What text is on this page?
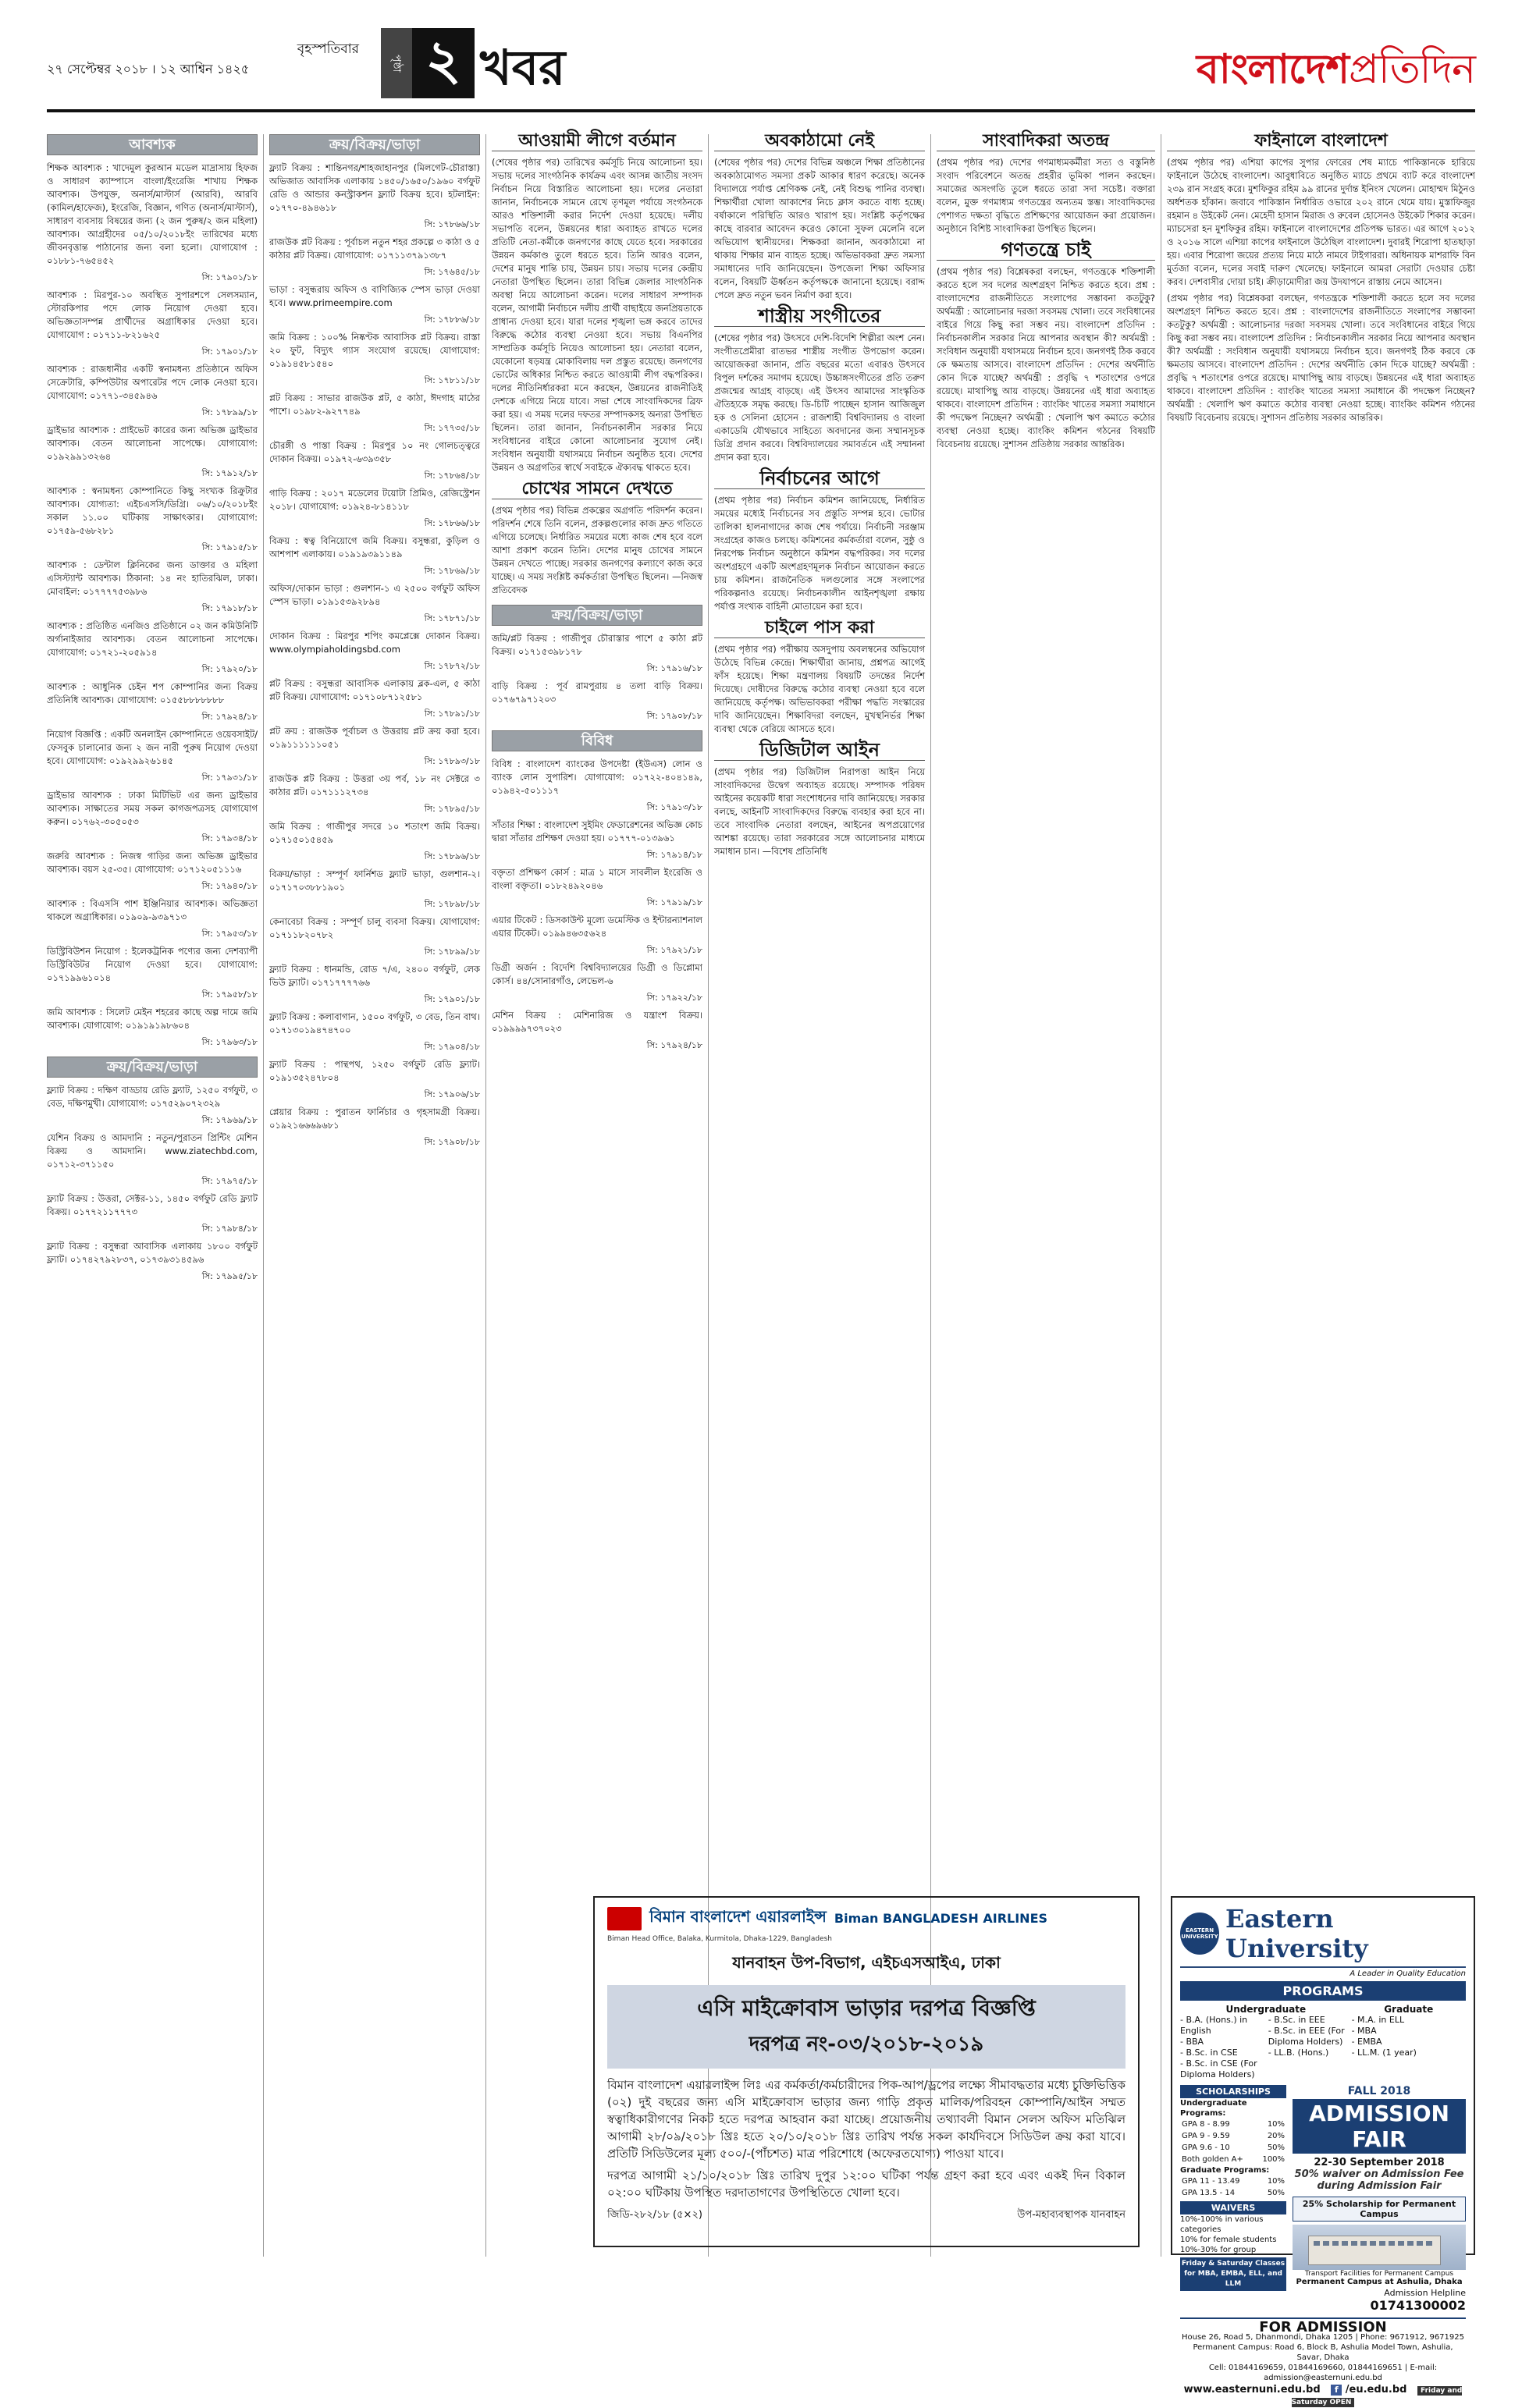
বৃহস্পতিবার
২৭ সেপ্টেম্বর ২০১৮ । ১২ আশ্বিন ১৪২৫	পৃষ্ঠা ২ খবর	বাংলাদেশপ্রতিদিন
আবশ্যক

শিক্ষক আবশ্যক : খাদেমুল কুরআন মডেল মাদ্রাসায় হিফজ ও সাধারণ ক্যাম্পাসে বাংলা/ইংরেজি শাখায় শিক্ষক আবশ্যক। উপযুক্ত, অনার্স/মাস্টার্স (আরবি), আরবি (কামিল/হাফেজ), ইংরেজি, বিজ্ঞান, গণিত (অনার্স/মাস্টার্স), সাধারণ ব্যবসায় বিষয়ের জন্য (২ জন পুরুষ/২ জন মহিলা) আবশ্যক। আগ্রহীদের ০৫/১০/২০১৮ইং তারিখের মধ্যে জীবনবৃত্তান্ত পাঠানোর জন্য বলা হলো। যোগাযোগ : ০১৮৮১-৭৬৫৪৫২

সি: ১৭৯০১/১৮

আবশ্যক : মিরপুর-১০ অবস্থিত সুপারশপে সেলসম্যান, স্টোরকিপার পদে লোক নিয়োগ দেওয়া হবে। অভিজ্ঞতাসম্পন্ন প্রার্থীদের অগ্রাধিকার দেওয়া হবে। যোগাযোগ : ০১৭১১-৮২১৬২৫

সি: ১৭৯০১/১৮

আবশ্যক : রাজধানীর একটি স্বনামধন্য প্রতিষ্ঠানে অফিস সেক্রেটারি, কম্পিউটার অপারেটর পদে লোক নেওয়া হবে। যোগাযোগ: ০১৭৭১-৩৪৫৯৪৬

সি: ১৭৮৯৯/১৮

ড্রাইভার আবশ্যক : প্রাইভেট কারের জন্য অভিজ্ঞ ড্রাইভার আবশ্যক। বেতন আলোচনা সাপেক্ষে। যোগাযোগ: ০১৯২৯৯১৩২৬৪

সি: ১৭৯১২/১৮

আবশ্যক : স্বনামধন্য কোম্পানিতে কিছু সংখ্যক রিক্রুটার আবশ্যক। যোগ্যতা: এইচএসসি/ডিগ্রি। ০৬/১০/২০১৮ইং সকাল ১১.০০ ঘটিকায় সাক্ষাৎকার। যোগাযোগ: ০১৭৫৯-৫৬৮২৮১

সি: ১৭৯১৫/১৮

আবশ্যক : ডেন্টাল ক্লিনিকের জন্য ডাক্তার ও মহিলা এসিস্ট্যান্ট আবশ্যক। ঠিকানা: ১৪ নং হাতিরঝিল, ঢাকা। মোবাইল: ০১৭৭৭৭৫৩৯৮৬

সি: ১৭৯১৮/১৮

আবশ্যক : প্রতিষ্ঠিত এনজিও প্রতিষ্ঠানে ০২ জন কমিউনিটি অর্গানাইজার আবশ্যক। বেতন আলোচনা সাপেক্ষে। যোগাযোগ: ০১৭২১-২০৫৯১৪

সি: ১৭৯২০/১৮

আবশ্যক : আধুনিক চেইন শপ কোম্পানির জন্য বিক্রয় প্রতিনিধি আবশ্যক। যোগাযোগ: ০১৫৫৮৮৮৮৮৮৮

সি: ১৭৯২৪/১৮

নিয়োগ বিজ্ঞপ্তি : একটি অনলাইন কোম্পানিতে ওয়েবসাইট/ফেসবুক চালানোর জন্য ২ জন নারী পুরুষ নিয়োগ দেওয়া হবে। যোগাযোগ: ০১৯২৯৯২৬১৪৫

সি: ১৭৯৩১/১৮

ড্রাইভার আবশ্যক : ঢাকা মিটিভিট এর জন্য ড্রাইভার আবশ্যক। সাক্ষাতের সময় সকল কাগজপত্রসহ যোগাযোগ করুন। ০১৭৬২-৩০৫০৫৩

সি: ১৭৯৩৪/১৮

জরুরি আবশ্যক : নিজস্ব গাড়ির জন্য অভিজ্ঞ ড্রাইভার আবশ্যক। বয়স ২৫-৩৫। যোগাযোগ: ০১৭১২০৫১১১৬

সি: ১৭৯৪০/১৮

আবশ্যক : বিএসসি পাশ ইঞ্জিনিয়ার আবশ্যক। অভিজ্ঞতা থাকলে অগ্রাধিকার। ০১৯০৯-৯৩৯৭১৩

সি: ১৭৯৫৩/১৮

ডিস্ট্রিবিউশন নিয়োগ : ইলেকট্রনিক পণ্যের জন্য দেশব্যাপী ডিস্ট্রিবিউটর নিয়োগ দেওয়া হবে। যোগাযোগ: ০১৭১৯৯৬১০১৪

সি: ১৭৯৫৮/১৮

জমি আবশ্যক : সিলেট মেইন শহরের কাছে অল্প দামে জমি আবশ্যক। যোগাযোগ: ০১৯১৯১৯৮৬০৪

সি: ১৭৯৬৩/১৮

ক্রয়/বিক্রয়/ভাড়া

ফ্ল্যাট বিক্রয় : দক্ষিণ বাড্ডায় রেডি ফ্ল্যাট, ১২৫০ বর্গফুট, ৩ বেড, দক্ষিণমুখী। যোগাযোগ: ০১৭৫২৯০৭২৩২৯

সি: ১৭৯৬৯/১৮

যেশিন বিক্রয় ও আমদানি : নতুন/পুরাতন প্রিন্টিং মেশিন বিক্রয় ও আমদানি। www.ziatechbd.com, ০১৭১২-৩৭১১৫০

সি: ১৭৯৭৫/১৮

ফ্ল্যাট বিক্রয় : উত্তরা, সেক্টর-১১, ১৪৫০ বর্গফুট রেডি ফ্ল্যাট বিক্রয়। ০১৭৭২১১৭৭৭৩

সি: ১৭৯৮৪/১৮

ফ্ল্যাট বিক্রয় : বসুন্ধরা আবাসিক এলাকায় ১৮০০ বর্গফুট ফ্ল্যাট। ০১৭৪২৭৯২৮৩৭, ০১৭৩৯৩১৪৫৯৬

সি: ১৭৯৯৫/১৮

ক্রয়/বিক্রয়/ভাড়া

ফ্ল্যাট বিক্রয় : শান্তিনগর/শাহজাহানপুর (মিলগেট-চৌরাস্তা) অভিজাত আবাসিক এলাকায় ১৪৫০/১৬৫০/১৯৬০ বর্গফুট রেডি ও আন্ডার কনস্ট্রাকশন ফ্ল্যাট বিক্রয় হবে। হটলাইন: ০১৭৭০-৪৯৪৬১৮

সি: ১৭৮৬৬/১৮

রাজউক প্লট বিক্রয় : পূর্বাচল নতুন শহর প্রকল্পে ৩ কাঠা ও ৫ কাঠার প্লট বিক্রয়। যোগাযোগ: ০১৭১১৩৭৯১৩৮৭

সি: ১৭৬৪৫/১৮

ভাড়া : বসুন্ধরায় অফিস ও বাণিজ্যিক স্পেস ভাড়া দেওয়া হবে। www.primeempire.com

সি: ১৭৮৮৬/১৮

জমি বিক্রয় : ১০০% নিষ্কণ্টক আবাসিক প্লট বিক্রয়। রাস্তা ২০ ফুট, বিদ্যুৎ গ্যাস সংযোগ রয়েছে। যোগাযোগ: ০১৯১৪৫৮১৫৪০

সি: ১৭৮১১/১৮

প্লট বিক্রয় : সাভার রাজউক প্লট, ৫ কাঠা, ঈদগাহ মাঠের পাশে। ০১৯৮২-৯২৭৭৪৯

সি: ১৭৭৩৫/১৮

চৌরঙ্গী ও পাস্তা বিক্রয় : মিরপুর ১০ নং গোলচত্ত্বরে দোকান বিক্রয়। ০১৯৭২-৬৩৯৩৫৮

সি: ১৭৮৬৪/১৮

গাড়ি বিক্রয় : ২০১৭ মডেলের টয়োটা প্রিমিও, রেজিস্ট্রেশন ২০১৮। যোগাযোগ: ০১৯২৪-৮১৪১১৮

সি: ১৭৮৬৬/১৮

বিক্রয় : স্বত্ব বিনিয়োগে জমি বিক্রয়। বসুন্ধরা, কুড়িল ও আশপাশ এলাকায়। ০১৯১৯৩৯১১৪৯

সি: ১৭৮৬৯/১৮

অফিস/দোকান ভাড়া : গুলশান-১ এ ২৫০০ বর্গফুট অফিস স্পেস ভাড়া। ০১৯১৫৩৯২৮৯৪

সি: ১৭৮৭১/১৮

দোকান বিক্রয় : মিরপুর শপিং কমপ্লেক্সে দোকান বিক্রয়। www.olympiaholdingsbd.com

সি: ১৭৮৭২/১৮

প্লট বিক্রয় : বসুন্ধরা আবাসিক এলাকায় ব্লক-এল, ৫ কাঠা প্লট বিক্রয়। যোগাযোগ: ০১৭১০৮৭১২৫৮১

সি: ১৭৮৯১/১৮

প্লট ক্রয় : রাজউক পূর্বাচল ও উত্তরায় প্লট ক্রয় করা হবে। ০১৯১১১১১১০৫১

সি: ১৭৮৯৩/১৮

রাজউক প্লট বিক্রয় : উত্তরা ৩য় পর্ব, ১৮ নং সেক্টরে ৩ কাঠার প্লট। ০১৭১১১২৭৩৪

সি: ১৭৮৯৫/১৮

জমি বিক্রয় : গাজীপুর সদরে ১০ শতাংশ জমি বিক্রয়। ০১৭১৫০১৫৪৫৯

সি: ১৭৮৯৬/১৮

বিক্রয়/ভাড়া : সম্পূর্ণ ফার্নিশড ফ্ল্যাট ভাড়া, গুলশান-২। ০১৭১৭০৩৮৮১৯০১

সি: ১৭৮৯৮/১৮

কেনাবেচা বিক্রয় : সম্পূর্ণ চালু ব্যবসা বিক্রয়। যোগাযোগ: ০১৭১১৮২০৭৮২

সি: ১৭৮৯৯/১৮

ফ্ল্যাট বিক্রয় : ধানমন্ডি, রোড ৭/এ, ২৪০০ বর্গফুট, লেক ভিউ ফ্ল্যাট। ০১৭১৭৭৭৭৬৬

সি: ১৭৯০১/১৮

ফ্ল্যাট বিক্রয় : কলাবাগান, ১৫০০ বর্গফুট, ৩ বেড, তিন বাথ। ০১৭১৩০১৯৪৭৪৭০০

সি: ১৭৯০৪/১৮

ফ্ল্যাট বিক্রয় : পান্থপথ, ১২৫০ বর্গফুট রেডি ফ্ল্যাট। ০১৯১৩৫২৪৭৮০৪

সি: ১৭৯০৬/১৮

প্লেয়ার বিক্রয় : পুরাতন ফার্নিচার ও গৃহসামগ্রী বিক্রয়। ০১৯২১৬৬৬৯৬৮১

সি: ১৭৯০৮/১৮

আওয়ামী লীগে বর্তমান

(শেষের পৃষ্ঠার পর) তারিখের কর্মসূচি নিয়ে আলোচনা হয়। সভায় দলের সাংগঠনিক কার্যক্রম এবং আসন্ন জাতীয় সংসদ নির্বাচন নিয়ে বিস্তারিত আলোচনা হয়। দলের নেতারা জানান, নির্বাচনকে সামনে রেখে তৃণমূল পর্যায়ে সংগঠনকে আরও শক্তিশালী করার নির্দেশ দেওয়া হয়েছে। দলীয় সভাপতি বলেন, উন্নয়নের ধারা অব্যাহত রাখতে দলের প্রতিটি নেতা-কর্মীকে জনগণের কাছে যেতে হবে। সরকারের উন্নয়ন কর্মকাণ্ড তুলে ধরতে হবে। তিনি আরও বলেন, দেশের মানুষ শান্তি চায়, উন্নয়ন চায়। সভায় দলের কেন্দ্রীয় নেতারা উপস্থিত ছিলেন। তারা বিভিন্ন জেলার সাংগঠনিক অবস্থা নিয়ে আলোচনা করেন। দলের সাধারণ সম্পাদক বলেন, আগামী নির্বাচনে দলীয় প্রার্থী বাছাইয়ে জনপ্রিয়তাকে প্রাধান্য দেওয়া হবে। যারা দলের শৃঙ্খলা ভঙ্গ করবে তাদের বিরুদ্ধে কঠোর ব্যবস্থা নেওয়া হবে। সভায় বিএনপির সাম্প্রতিক কর্মসূচি নিয়েও আলোচনা হয়। নেতারা বলেন, যেকোনো ষড়যন্ত্র মোকাবিলায় দল প্রস্তুত রয়েছে। জনগণের ভোটের অধিকার নিশ্চিত করতে আওয়ামী লীগ বদ্ধপরিকর। দলের নীতিনির্ধারকরা মনে করছেন, উন্নয়নের রাজনীতিই দেশকে এগিয়ে নিয়ে যাবে। সভা শেষে সাংবাদিকদের ব্রিফ করা হয়। এ সময় দলের দফতর সম্পাদকসহ অন্যরা উপস্থিত ছিলেন। তারা জানান, নির্বাচনকালীন সরকার নিয়ে সংবিধানের বাইরে কোনো আলোচনার সুযোগ নেই। সংবিধান অনুযায়ী যথাসময়ে নির্বাচন অনুষ্ঠিত হবে। দেশের উন্নয়ন ও অগ্রগতির স্বার্থে সবাইকে ঐক্যবদ্ধ থাকতে হবে।

চোখের সামনে দেখতে

(প্রথম পৃষ্ঠার পর) বিভিন্ন প্রকল্পের অগ্রগতি পরিদর্শন করেন। পরিদর্শন শেষে তিনি বলেন, প্রকল্পগুলোর কাজ দ্রুত গতিতে এগিয়ে চলেছে। নির্ধারিত সময়ের মধ্যে কাজ শেষ হবে বলে আশা প্রকাশ করেন তিনি। দেশের মানুষ চোখের সামনে উন্নয়ন দেখতে পাচ্ছে। সরকার জনগণের কল্যাণে কাজ করে যাচ্ছে। এ সময় সংশ্লিষ্ট কর্মকর্তারা উপস্থিত ছিলেন। —নিজস্ব প্রতিবেদক

ক্রয়/বিক্রয়/ভাড়া

জমি/প্লট বিক্রয় : গাজীপুর চৌরাস্তার পাশে ৫ কাঠা প্লট বিক্রয়। ০১৭১৫৩৯৮১৭৮

সি: ১৭৯১৬/১৮

বাড়ি বিক্রয় : পূর্ব রামপুরায় ৪ তলা বাড়ি বিক্রয়। ০১৭৬৭৯৭১২০৩

সি: ১৭৯০৮/১৮

বিবিধ

বিবিধ : বাংলাদেশ ব্যাংকের উপদেষ্টা (ইউএস) লোন ও ব্যাংক লোন সুপারিশ। যোগাযোগ: ০১৭২২-৪০৪১৪৯, ০১৯৪২-৫০১১১৭

সি: ১৭৯১৩/১৮

সাঁতার শিক্ষা : বাংলাদেশ সুইমিং ফেডারেশনের অভিজ্ঞ কোচ দ্বারা সাঁতার প্রশিক্ষণ দেওয়া হয়। ০১৭৭৭-০১৩৯৬১

সি: ১৭৯১৪/১৮

বক্তৃতা প্রশিক্ষণ কোর্স : মাত্র ১ মাসে সাবলীল ইংরেজি ও বাংলা বক্তৃতা। ০১৮২৪৯২০৪৬

সি: ১৭৯১৯/১৮

এয়ার টিকেট : ডিসকাউন্ট মূল্যে ডমেস্টিক ও ইন্টারন্যাশনাল এয়ার টিকেট। ০১৯৯৪৬৩৫৬২৪

সি: ১৭৯২১/১৮

ডিগ্রী অর্জন : বিদেশি বিশ্ববিদ্যালয়ের ডিগ্রী ও ডিপ্লোমা কোর্স। ৪৪/সোনারগাঁও, লেভেল-৬

সি: ১৭৯২২/১৮

মেশিন বিক্রয় : মেশিনারিজ ও যন্ত্রাংশ বিক্রয়। ০১৯৯৯৯৭৩৭০২৩

সি: ১৭৯২৪/১৮

অবকাঠামো নেই

(শেষের পৃষ্ঠার পর) দেশের বিভিন্ন অঞ্চলে শিক্ষা প্রতিষ্ঠানের অবকাঠামোগত সমস্যা প্রকট আকার ধারণ করেছে। অনেক বিদ্যালয়ে পর্যাপ্ত শ্রেণিকক্ষ নেই, নেই বিশুদ্ধ পানির ব্যবস্থা। শিক্ষার্থীরা খোলা আকাশের নিচে ক্লাস করতে বাধ্য হচ্ছে। বর্ষাকালে পরিস্থিতি আরও খারাপ হয়। সংশ্লিষ্ট কর্তৃপক্ষের কাছে বারবার আবেদন করেও কোনো সুফল মেলেনি বলে অভিযোগ স্থানীয়দের। শিক্ষকরা জানান, অবকাঠামো না থাকায় শিক্ষার মান ব্যাহত হচ্ছে। অভিভাবকরা দ্রুত সমস্যা সমাধানের দাবি জানিয়েছেন। উপজেলা শিক্ষা অফিসার বলেন, বিষয়টি ঊর্ধ্বতন কর্তৃপক্ষকে জানানো হয়েছে। বরাদ্দ পেলে দ্রুত নতুন ভবন নির্মাণ করা হবে।

শাস্ত্রীয় সংগীতের

(শেষের পৃষ্ঠার পর) উৎসবে দেশি-বিদেশি শিল্পীরা অংশ নেন। সংগীতপ্রেমীরা রাতভর শাস্ত্রীয় সংগীত উপভোগ করেন। আয়োজকরা জানান, প্রতি বছরের মতো এবারও উৎসবে বিপুল দর্শকের সমাগম হয়েছে। উচ্চাঙ্গসংগীতের প্রতি তরুণ প্রজন্মের আগ্রহ বাড়ছে। এই উৎসব আমাদের সাংস্কৃতিক ঐতিহ্যকে সমৃদ্ধ করছে। ডি-চিটি পাচ্ছেন হাসান আজিজুল হক ও সেলিনা হোসেন : রাজশাহী বিশ্ববিদ্যালয় ও বাংলা একাডেমি যৌথভাবে সাহিত্যে অবদানের জন্য সম্মানসূচক ডিগ্রি প্রদান করবে। বিশ্ববিদ্যালয়ের সমাবর্তনে এই সম্মাননা প্রদান করা হবে।

নির্বাচনের আগে

(প্রথম পৃষ্ঠার পর) নির্বাচন কমিশন জানিয়েছে, নির্ধারিত সময়ের মধ্যেই নির্বাচনের সব প্রস্তুতি সম্পন্ন হবে। ভোটার তালিকা হালনাগাদের কাজ শেষ পর্যায়ে। নির্বাচনী সরঞ্জাম সংগ্রহের কাজও চলছে। কমিশনের কর্মকর্তারা বলেন, সুষ্ঠু ও নিরপেক্ষ নির্বাচন অনুষ্ঠানে কমিশন বদ্ধপরিকর। সব দলের অংশগ্রহণে একটি অংশগ্রহণমূলক নির্বাচন আয়োজন করতে চায় কমিশন। রাজনৈতিক দলগুলোর সঙ্গে সংলাপের পরিকল্পনাও রয়েছে। নির্বাচনকালীন আইনশৃঙ্খলা রক্ষায় পর্যাপ্ত সংখ্যক বাহিনী মোতায়েন করা হবে।

চাইলে পাস করা

(প্রথম পৃষ্ঠার পর) পরীক্ষায় অসদুপায় অবলম্বনের অভিযোগ উঠেছে বিভিন্ন কেন্দ্রে। শিক্ষার্থীরা জানায়, প্রশ্নপত্র আগেই ফাঁস হয়েছে। শিক্ষা মন্ত্রণালয় বিষয়টি তদন্তের নির্দেশ দিয়েছে। দোষীদের বিরুদ্ধে কঠোর ব্যবস্থা নেওয়া হবে বলে জানিয়েছে কর্তৃপক্ষ। অভিভাবকরা পরীক্ষা পদ্ধতি সংস্কারের দাবি জানিয়েছেন। শিক্ষাবিদরা বলছেন, মুখস্থনির্ভর শিক্ষা ব্যবস্থা থেকে বেরিয়ে আসতে হবে।

ডিজিটাল আইন

(প্রথম পৃষ্ঠার পর) ডিজিটাল নিরাপত্তা আইন নিয়ে সাংবাদিকদের উদ্বেগ অব্যাহত রয়েছে। সম্পাদক পরিষদ আইনের কয়েকটি ধারা সংশোধনের দাবি জানিয়েছে। সরকার বলছে, আইনটি সাংবাদিকদের বিরুদ্ধে ব্যবহার করা হবে না। তবে সাংবাদিক নেতারা বলছেন, আইনের অপপ্রয়োগের আশঙ্কা রয়েছে। তারা সরকারের সঙ্গে আলোচনার মাধ্যমে সমাধান চান। —বিশেষ প্রতিনিধি

সাংবাদিকরা অতন্দ্র

(প্রথম পৃষ্ঠার পর) দেশের গণমাধ্যমকর্মীরা সত্য ও বস্তুনিষ্ঠ সংবাদ পরিবেশনে অতন্দ্র প্রহরীর ভূমিকা পালন করছেন। সমাজের অসংগতি তুলে ধরতে তারা সদা সচেষ্ট। বক্তারা বলেন, মুক্ত গণমাধ্যম গণতন্ত্রের অন্যতম স্তম্ভ। সাংবাদিকদের পেশাগত দক্ষতা বৃদ্ধিতে প্রশিক্ষণের আয়োজন করা প্রয়োজন। অনুষ্ঠানে বিশিষ্ট সাংবাদিকরা উপস্থিত ছিলেন।

গণতন্ত্রে চাই

(প্রথম পৃষ্ঠার পর) বিশ্লেষকরা বলছেন, গণতন্ত্রকে শক্তিশালী করতে হলে সব দলের অংশগ্রহণ নিশ্চিত করতে হবে। প্রশ্ন : বাংলাদেশের রাজনীতিতে সংলাপের সম্ভাবনা কতটুকু? অর্থমন্ত্রী : আলোচনার দরজা সবসময় খোলা। তবে সংবিধানের বাইরে গিয়ে কিছু করা সম্ভব নয়। বাংলাদেশ প্রতিদিন : নির্বাচনকালীন সরকার নিয়ে আপনার অবস্থান কী? অর্থমন্ত্রী : সংবিধান অনুযায়ী যথাসময়ে নির্বাচন হবে। জনগণই ঠিক করবে কে ক্ষমতায় আসবে। বাংলাদেশ প্রতিদিন : দেশের অর্থনীতি কোন দিকে যাচ্ছে? অর্থমন্ত্রী : প্রবৃদ্ধি ৭ শতাংশের ওপরে রয়েছে। মাথাপিছু আয় বাড়ছে। উন্নয়নের এই ধারা অব্যাহত থাকবে। বাংলাদেশ প্রতিদিন : ব্যাংকিং খাতের সমস্যা সমাধানে কী পদক্ষেপ নিচ্ছেন? অর্থমন্ত্রী : খেলাপি ঋণ কমাতে কঠোর ব্যবস্থা নেওয়া হচ্ছে। ব্যাংকিং কমিশন গঠনের বিষয়টি বিবেচনায় রয়েছে। সুশাসন প্রতিষ্ঠায় সরকার আন্তরিক।

ফাইনালে বাংলাদেশ

(প্রথম পৃষ্ঠার পর) এশিয়া কাপের সুপার ফোরের শেষ ম্যাচে পাকিস্তানকে হারিয়ে ফাইনালে উঠেছে বাংলাদেশ। আবুধাবিতে অনুষ্ঠিত ম্যাচে প্রথমে ব্যাট করে বাংলাদেশ ২৩৯ রান সংগ্রহ করে। মুশফিকুর রহিম ৯৯ রানের দুর্দান্ত ইনিংস খেলেন। মোহাম্মদ মিঠুনও অর্ধশতক হাঁকান। জবাবে পাকিস্তান নির্ধারিত ওভারে ২০২ রানে থেমে যায়। মুস্তাফিজুর রহমান ৪ উইকেট নেন। মেহেদী হাসান মিরাজ ও রুবেল হোসেনও উইকেট শিকার করেন। ম্যাচসেরা হন মুশফিকুর রহিম। ফাইনালে বাংলাদেশের প্রতিপক্ষ ভারত। এর আগে ২০১২ ও ২০১৬ সালে এশিয়া কাপের ফাইনালে উঠেছিল বাংলাদেশ। দুবারই শিরোপা হাতছাড়া হয়। এবার শিরোপা জয়ের প্রত্যয় নিয়ে মাঠে নামবে টাইগাররা। অধিনায়ক মাশরাফি বিন মুর্তজা বলেন, দলের সবাই দারুণ খেলেছে। ফাইনালে আমরা সেরাটা দেওয়ার চেষ্টা করব। দেশবাসীর দোয়া চাই। ক্রীড়ামোদীরা জয় উদযাপনে রাস্তায় নেমে আসেন।

(প্রথম পৃষ্ঠার পর) বিশ্লেষকরা বলছেন, গণতন্ত্রকে শক্তিশালী করতে হলে সব দলের অংশগ্রহণ নিশ্চিত করতে হবে। প্রশ্ন : বাংলাদেশের রাজনীতিতে সংলাপের সম্ভাবনা কতটুকু? অর্থমন্ত্রী : আলোচনার দরজা সবসময় খোলা। তবে সংবিধানের বাইরে গিয়ে কিছু করা সম্ভব নয়। বাংলাদেশ প্রতিদিন : নির্বাচনকালীন সরকার নিয়ে আপনার অবস্থান কী? অর্থমন্ত্রী : সংবিধান অনুযায়ী যথাসময়ে নির্বাচন হবে। জনগণই ঠিক করবে কে ক্ষমতায় আসবে। বাংলাদেশ প্রতিদিন : দেশের অর্থনীতি কোন দিকে যাচ্ছে? অর্থমন্ত্রী : প্রবৃদ্ধি ৭ শতাংশের ওপরে রয়েছে। মাথাপিছু আয় বাড়ছে। উন্নয়নের এই ধারা অব্যাহত থাকবে। বাংলাদেশ প্রতিদিন : ব্যাংকিং খাতের সমস্যা সমাধানে কী পদক্ষেপ নিচ্ছেন? অর্থমন্ত্রী : খেলাপি ঋণ কমাতে কঠোর ব্যবস্থা নেওয়া হচ্ছে। ব্যাংকিং কমিশন গঠনের বিষয়টি বিবেচনায় রয়েছে। সুশাসন প্রতিষ্ঠায় সরকার আন্তরিক।

বিমান বাংলাদেশ এয়ারলাইন্স Biman BANGLADESH AIRLINES
Biman Head Office, Balaka, Kurmitola, Dhaka-1229, Bangladesh
যানবাহন উপ-বিভাগ, এইচএসআইএ, ঢাকা
এসি মাইক্রোবাস ভাড়ার দরপত্র বিজ্ঞপ্তি
দরপত্র নং-০৩/২০১৮-২০১৯

বিমান বাংলাদেশ এয়ারলাইন্স লিঃ এর কর্মকর্তা/কর্মচারীদের পিক-আপ/ড্রপের লক্ষ্যে সীমাবদ্ধতার মধ্যে চুক্তিভিত্তিক (০২) দুই বছরের জন্য এসি মাইক্রোবাস ভাড়ার জন্য গাড়ি প্রকৃত মালিক/পরিবহন কোম্পানি/আইন সম্মত স্বত্বাধিকারীগণের নিকট হতে দরপত্র আহবান করা যাচ্ছে। প্রয়োজনীয় তথ্যাবলী বিমান সেলস অফিস মতিঝিল আগামী ২৮/০৯/২০১৮ খ্রিঃ হতে ২০/১০/২০১৮ খ্রিঃ তারিখ পর্যন্ত সকল কার্যদিবসে সিডিউল ক্রয় করা যাবে। প্রতিটি সিডিউলের মূল্য ৫০০/-(পাঁচশত) মাত্র পরিশোধে (অফেরতযোগ্য) পাওয়া যাবে।

দরপত্র আগামী ২১/১০/২০১৮ খ্রিঃ তারিখ দুপুর ১২:০০ ঘটিকা পর্যন্ত গ্রহণ করা হবে এবং একই দিন বিকাল ০২:০০ ঘটিকায় উপস্থিত দরদাতাগণের উপস্থিতিতে খোলা হবে।

জিডি-২৮২/১৮ (৫×২)	উপ-মহাব্যবস্থাপক যানবাহন
EASTERN UNIVERSITY
Eastern University
A Leader in Quality Education
PROGRAMS
Undergraduate
- B.A. (Hons.) in English
- BBA
- B.Sc. in CSE
- B.Sc. in CSE (For Diploma Holders)
- B.Sc. in EEE
- B.Sc. in EEE (For Diploma Holders)
- LL.B. (Hons.)
Graduate
- M.A. in ELL
- MBA
- EMBA
- LL.M. (1 year)
SCHOLARSHIPS
Undergraduate Programs:
GPA 8 - 8.99	10%
GPA 9 - 9.59	20%
GPA 9.6 - 10	50%
Both golden A+	100%
Graduate Programs:
GPA 11 - 13.49	10%
GPA 13.5 - 14	50%
WAIVERS
10%-100% in various categories
10% for female students
10%-30% for group
Friday & Saturday Classes for MBA, EMBA, ELL, and LLM
FALL 2018
ADMISSION FAIR
22-30 September 2018
50% waiver on Admission Fee during Admission Fair
25% Scholarship for Permanent Campus
Transport Facilities for Permanent Campus
Permanent Campus at Ashulia, Dhaka
Admission Helpline
01741300002
FOR ADMISSION
House 26, Road 5, Dhanmondi, Dhaka 1205 | Phone: 9671912, 9671925
Permanent Campus: Road 6, Block B, Ashulia Model Town, Ashulia, Savar, Dhaka
Cell: 01844169659, 01844169660, 01844169651 | E-mail: admission@easternuni.edu.bd
www.easternuni.edu.bd f /eu.edu.bd Friday and Saturday OPEN
